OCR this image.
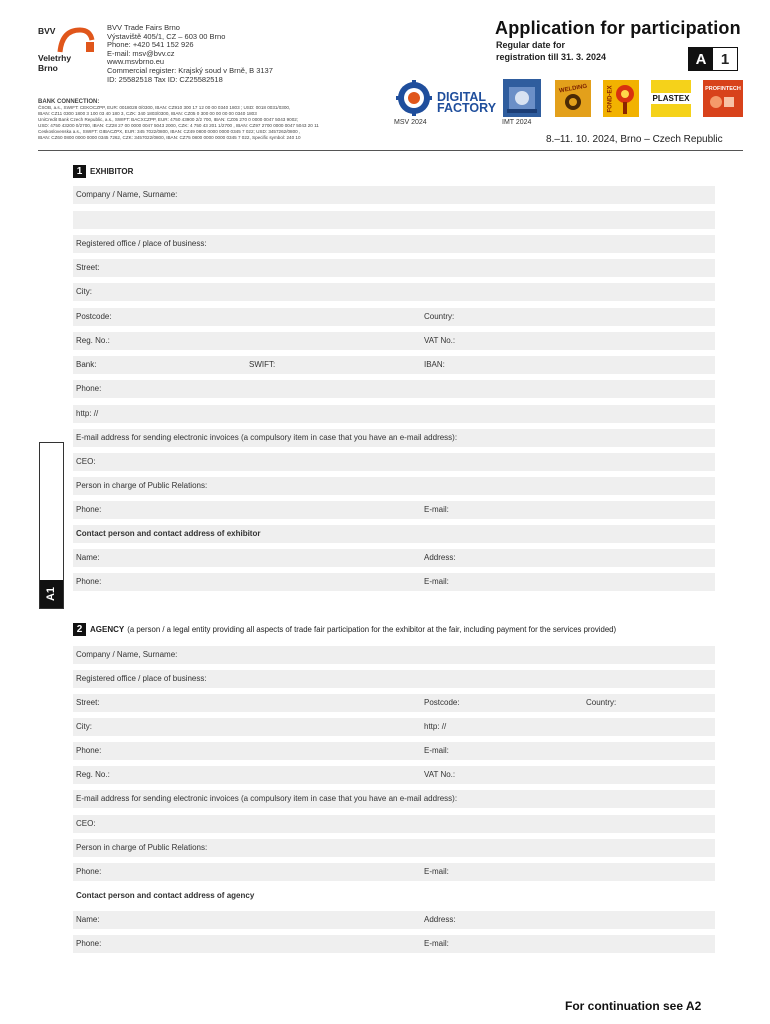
BVV
Veletrhy
Brno
BVV Trade Fairs Brno
Výstaviště 405/1, CZ – 603 00 Brno
Phone: +420 541 152 926
E-mail: msv@bvv.cz
www.msvbrno.eu
Commercial register: Krajský soud v Brně, B 3137
ID: 25582518 Tax ID: CZ25582518
BANK CONNECTION:
ČSOB, a.s., SWIFT: CEKOCZPP, EUR: 0018028 0/0300, IBAN: CZ910 300 17 12 00 00 0340 1803 ; USD: 0018 0031/0300,
IBAN: CZ11 0300 1800 3 100 03 40 180 3, CZK: 340 1803/0300, IBAN: CZ05 0 300 00 00 00 00 0340 1803
UniCredit Bank Czech Republic, a.s., SWIFT: BACXCZPP, EUR: 4750 43900 2/2 700, IBAN: CZ05 270 0 0000 0047 5043 9002;
USD: 4750 43200 0/2700, IBAN: CZ28 27 00 0000 0047 5043 2000, CZK: 4 750 43 201 1/2700 , IBAN: CZ97 2700 0000 0047 5043 20 11
Ceskoslovenska a.s., SWIFT: GIBACZPX, EUR: 345 7022/0800, IBAN: CZ49 0800 0000 0000 0345 7 022; USD: 3457262/0800 ,
IBAN: CZ60 0800 0000 0000 0345 7262, CZK: 3457022/0800, IBAN: CZ75 0800 0000 0000 0345 7 022, Specific symbol: 240 10
Application for participation
Regular date for
registration till 31. 3. 2024	A 1
DIGITAL
FACTORY
MSV 2024	IMT 2024
WELDING	FOND-EX	PLASTEX
PROFINTECH
8.–11. 10. 2024, Brno – Czech Republic
A1
1 EXHIBITOR
Company / Name, Surname:
Registered office / place of business:
Street:
City:
Postcode:	Country:
Reg. No.:	VAT No.:
Bank:	SWIFT:	IBAN:
Phone:
http: //
E-mail address for sending electronic invoices (a compulsory item in case that you have an e-mail address):
CEO:
Person in charge of Public Relations:
Phone:	E-mail:
Contact person and contact address of exhibitor
Name:	Address:
Phone:	E-mail:
2 AGENCY (a person / a legal entity providing all aspects of trade fair participation for the exhibitor at the fair, including payment for the services provided)
Company / Name, Surname:
Registered office / place of business:
Street:	Postcode:	Country:
City:	http: //
Phone:	E-mail:
Reg. No.:	VAT No.:
E-mail address for sending electronic invoices (a compulsory item in case that you have an e-mail address):
CEO:
Person in charge of Public Relations:
Phone:	E-mail:
Contact person and contact address of agency
Name:	Address:
Phone:	E-mail:
For continuation see A2
